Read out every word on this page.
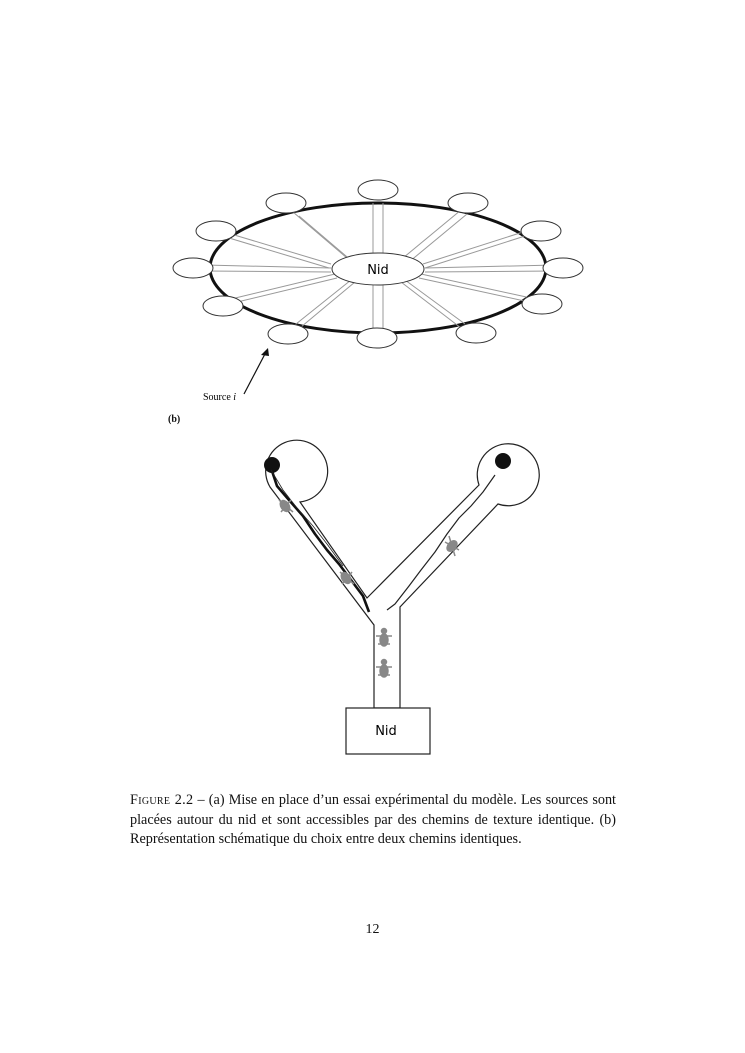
Nid
Source i
(b)
Nid
Figure 2.2 – (a) Mise en place d’un essai expérimental du modèle. Les sources sont placées autour du nid et sont accessibles par des chemins de texture identique. (b) Représentation schématique du choix entre deux chemins identiques.
12
